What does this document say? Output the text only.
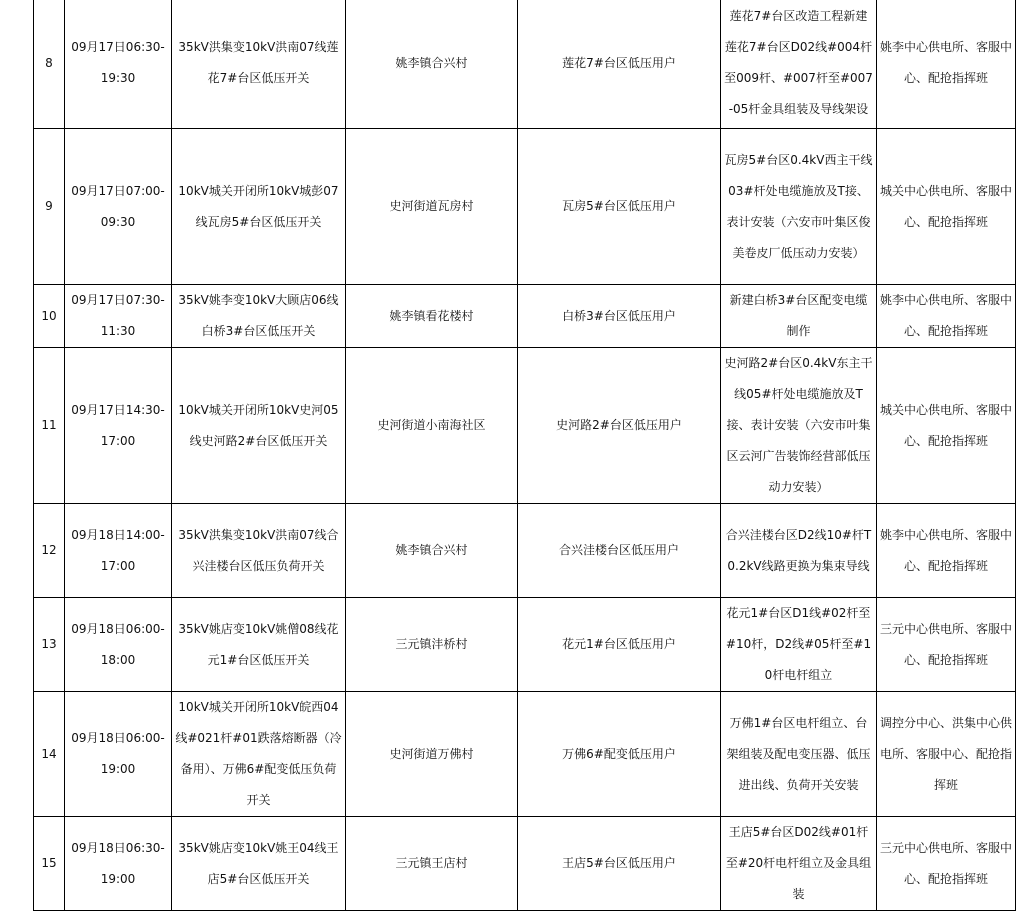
8	09月17日06:30-19:30	35kV洪集变10kV洪南07线莲花7#台区低压开关	姚李镇合兴村	莲花7#台区低压用户	莲花7#台区改造工程新建莲花7#台区D02线#004杆至009杆、#007杆至#007-05杆金具组装及导线架设	姚李中心供电所、客服中心、配抢指挥班
9	09月17日07:00-09:30	10kV城关开闭所10kV城彭07线瓦房5#台区低压开关	史河街道瓦房村	瓦房5#台区低压用户	瓦房5#台区0.4kV西主干线03#杆处电缆施放及T接、表计安装（六安市叶集区俊美卷皮厂低压动力安装）	城关中心供电所、客服中心、配抢指挥班
10	09月17日07:30-11:30	35kV姚李变10kV大顾店06线白桥3#台区低压开关	姚李镇看花楼村	白桥3#台区低压用户	新建白桥3#台区配变电缆制作	姚李中心供电所、客服中心、配抢指挥班
11	09月17日14:30-17:00	10kV城关开闭所10kV史河05线史河路2#台区低压开关	史河街道小南海社区	史河路2#台区低压用户	史河路2#台区0.4kV东主干线05#杆处电缆施放及T接、表计安装（六安市叶集区云河广告装饰经营部低压动力安装）	城关中心供电所、客服中心、配抢指挥班
12	09月18日14:00-17:00	35kV洪集变10kV洪南07线合兴洼楼台区低压负荷开关	姚李镇合兴村	合兴洼楼台区低压用户	合兴洼楼台区D2线10#杆T0.2kV线路更换为集束导线	姚李中心供电所、客服中心、配抢指挥班
13	09月18日06:00-18:00	35kV姚店变10kV姚僧08线花元1#台区低压开关	三元镇沣桥村	花元1#台区低压用户	花元1#台区D1线#02杆至#10杆，D2线#05杆至#10杆电杆组立	三元中心供电所、客服中心、配抢指挥班
14	09月18日06:00-19:00	10kV城关开闭所10kV皖西04线#021杆#01跌落熔断器（冷备用）、万佛6#配变低压负荷开关	史河街道万佛村	万佛6#配变低压用户	万佛1#台区电杆组立、台架组装及配电变压器、低压进出线、负荷开关安装	调控分中心、洪集中心供电所、客服中心、配抢指挥班
15	09月18日06:30-19:00	35kV姚店变10kV姚王04线王店5#台区低压开关	三元镇王店村	王店5#台区低压用户	王店5#台区D02线#01杆至#20杆电杆组立及金具组装	三元中心供电所、客服中心、配抢指挥班
